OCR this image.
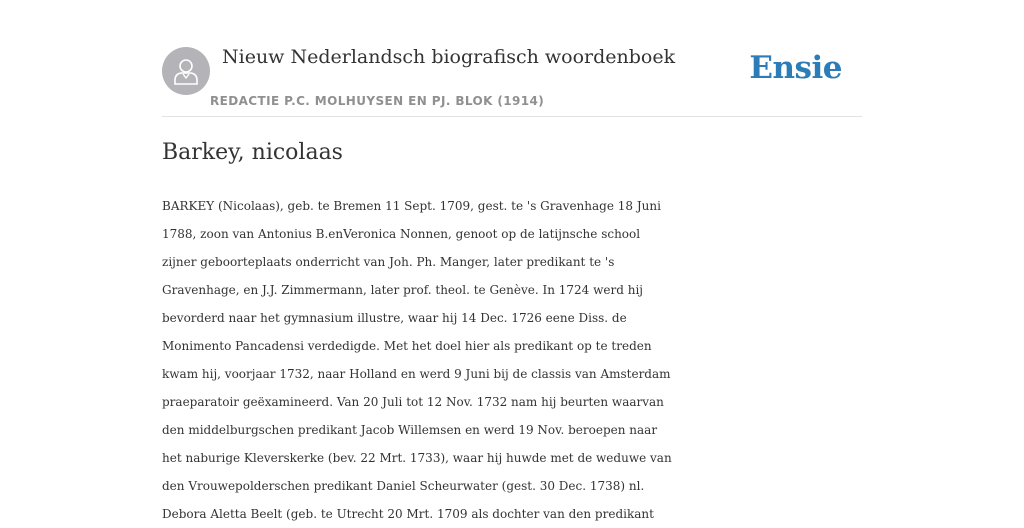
Nieuw Nederlandsch biografisch woordenboek
REDACTIE P.C. MOLHUYSEN EN PJ. BLOK (1914)
Ensie
Barkey, nicolaas
BARKEY (Nicolaas), geb. te Bremen 11 Sept. 1709, gest. te 's Gravenhage 18 Juni
1788, zoon van Antonius B.enVeronica Nonnen, genoot op de latijnsche school
zijner geboorteplaats onderricht van Joh. Ph. Manger, later predikant te 's
Gravenhage, en J.J. Zimmermann, later prof. theol. te Genève. In 1724 werd hij
bevorderd naar het gymnasium illustre, waar hij 14 Dec. 1726 eene Diss. de
Monimento Pancadensi verdedigde. Met het doel hier als predikant op te treden
kwam hij, voorjaar 1732, naar Holland en werd 9 Juni bij de classis van Amsterdam
praeparatoir geëxamineerd. Van 20 Juli tot 12 Nov. 1732 nam hij beurten waarvan
den middelburgschen predikant Jacob Willemsen en werd 19 Nov. beroepen naar
het naburige Kleverskerke (bev. 22 Mrt. 1733), waar hij huwde met de weduwe van
den Vrouwepolderschen predikant Daniel Scheurwater (gest. 30 Dec. 1738) nl.
Debora Aletta Beelt (geb. te Utrecht 20 Mrt. 1709 als dochter van den predikant
